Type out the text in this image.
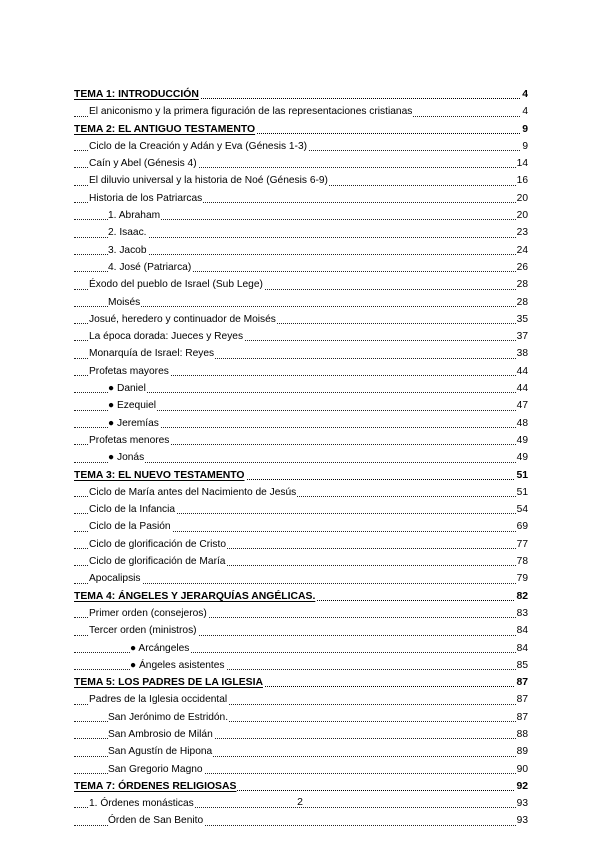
TEMA 1: INTRODUCCIÓN	4
El aniconismo y la primera figuración de las representaciones cristianas	4
TEMA 2: EL ANTIGUO TESTAMENTO	9
Ciclo de la Creación y Adán y Eva (Génesis 1-3)	9
Caín y Abel (Génesis 4)	14
El diluvio universal y la historia de Noé (Génesis 6-9)	16
Historia de los Patriarcas	20
1. Abraham	20
2. Isaac.	23
3. Jacob	24
4. José (Patriarca)	26
Éxodo del pueblo de Israel (Sub Lege)	28
Moisés	28
Josué, heredero y continuador de Moisés	35
La época dorada: Jueces y Reyes	37
Monarquía de Israel: Reyes	38
Profetas mayores	44
● Daniel	44
● Ezequiel	47
● Jeremías	48
Profetas menores	49
● Jonás	49
TEMA 3: EL NUEVO TESTAMENTO	51
Ciclo de María antes del Nacimiento de Jesús	51
Ciclo de la Infancia	54
Ciclo de la Pasión	69
Ciclo de glorificación de Cristo	77
Ciclo de glorificación de María	78
Apocalipsis	79
TEMA 4: ÁNGELES Y JERARQUÍAS ANGÉLICAS.	82
Primer orden (consejeros)	83
Tercer orden (ministros)	84
● Arcángeles	84
● Ángeles asistentes	85
TEMA 5: LOS PADRES DE LA IGLESIA	87
Padres de la Iglesia occidental	87
San Jerónimo de Estridón.	87
San Ambrosio de Milán	88
San Agustín de Hipona	89
San Gregorio Magno	90
TEMA 7: ÓRDENES RELIGIOSAS	92
1. Órdenes monásticas	93
Órden de San Benito	93
2
